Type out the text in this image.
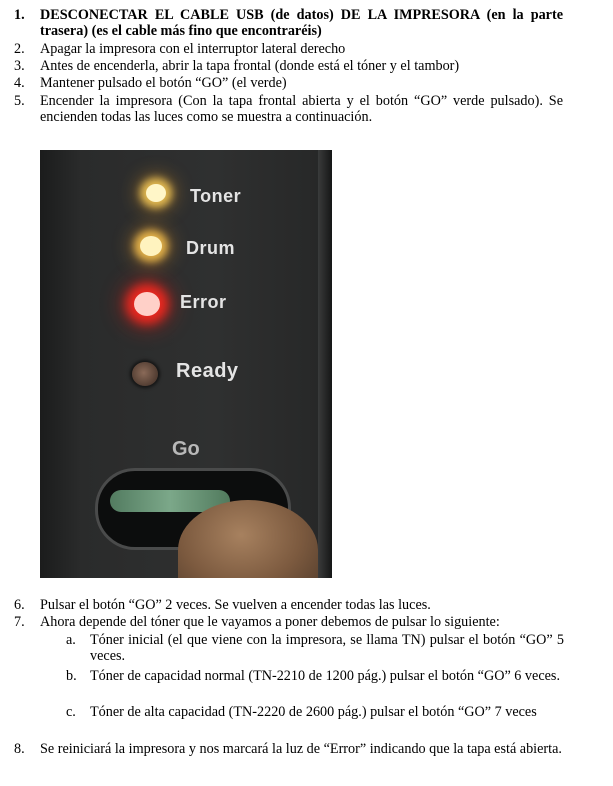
1.	DESCONECTAR EL CABLE USB (de datos) DE LA IMPRESORA (en la parte trasera) (es el cable más fino que encontraréis)
2.	Apagar la impresora con el interruptor lateral derecho
3.	Antes de encenderla, abrir la tapa frontal (donde está el tóner y el tambor)
4.	Mantener pulsado el botón “GO” (el verde)
5.	Encender la impresora (Con la tapa frontal abierta y el botón “GO” verde pulsado). Se encienden todas las luces como se muestra a continuación.
Toner
Drum
Error
Ready
Go
6.	Pulsar el botón “GO” 2 veces. Se vuelven a encender todas las luces.
7.	Ahora depende del tóner que le vayamos a poner debemos de pulsar lo siguiente:
a. Tóner inicial (el que viene con la impresora, se llama TN) pulsar el botón “GO” 5 veces.
b. Tóner de capacidad normal (TN-2210 de 1200 pág.) pulsar el botón “GO” 6 veces.
c. Tóner de alta capacidad (TN-2220 de 2600 pág.) pulsar el botón “GO” 7 veces
8.	Se reiniciará la impresora y nos marcará la luz de “Error” indicando que la tapa está abierta.
